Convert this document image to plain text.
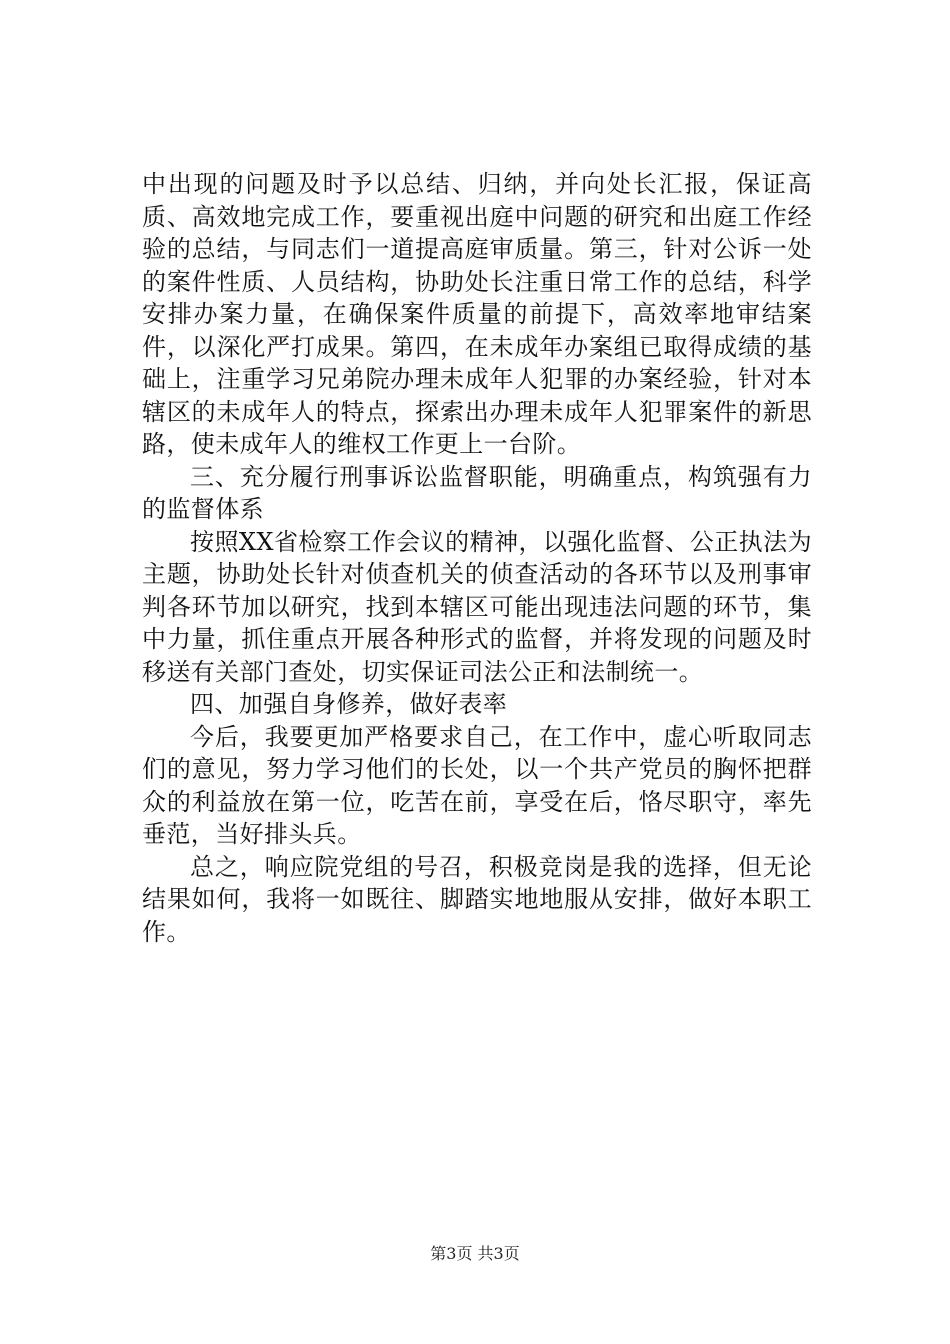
中出现的问题及时予以总结、归纳，并向处长汇报，保证高质、高效地完成工作，要重视出庭中问题的研究和出庭工作经验的总结，与同志们一道提高庭审质量。第三，针对公诉一处的案件性质、人员结构，协助处长注重日常工作的总结，科学安排办案力量，在确保案件质量的前提下，高效率地审结案件，以深化严打成果。第四，在未成年办案组已取得成绩的基础上，注重学习兄弟院办理未成年人犯罪的办案经验，针对本辖区的未成年人的特点，探索出办理未成年人犯罪案件的新思路，使未成年人的维权工作更上一台阶。

三、充分履行刑事诉讼监督职能，明确重点，构筑强有力的监督体系

按照XX省检察工作会议的精神，以强化监督、公正执法为主题，协助处长针对侦查机关的侦查活动的各环节以及刑事审判各环节加以研究，找到本辖区可能出现违法问题的环节，集中力量，抓住重点开展各种形式的监督，并将发现的问题及时移送有关部门查处，切实保证司法公正和法制统一。

四、加强自身修养，做好表率

今后，我要更加严格要求自己，在工作中，虚心听取同志们的意见，努力学习他们的长处，以一个共产党员的胸怀把群众的利益放在第一位，吃苦在前，享受在后，恪尽职守，率先垂范，当好排头兵。

总之，响应院党组的号召，积极竞岗是我的选择，但无论结果如何，我将一如既往、脚踏实地地服从安排，做好本职工作。

第3页 共3页
